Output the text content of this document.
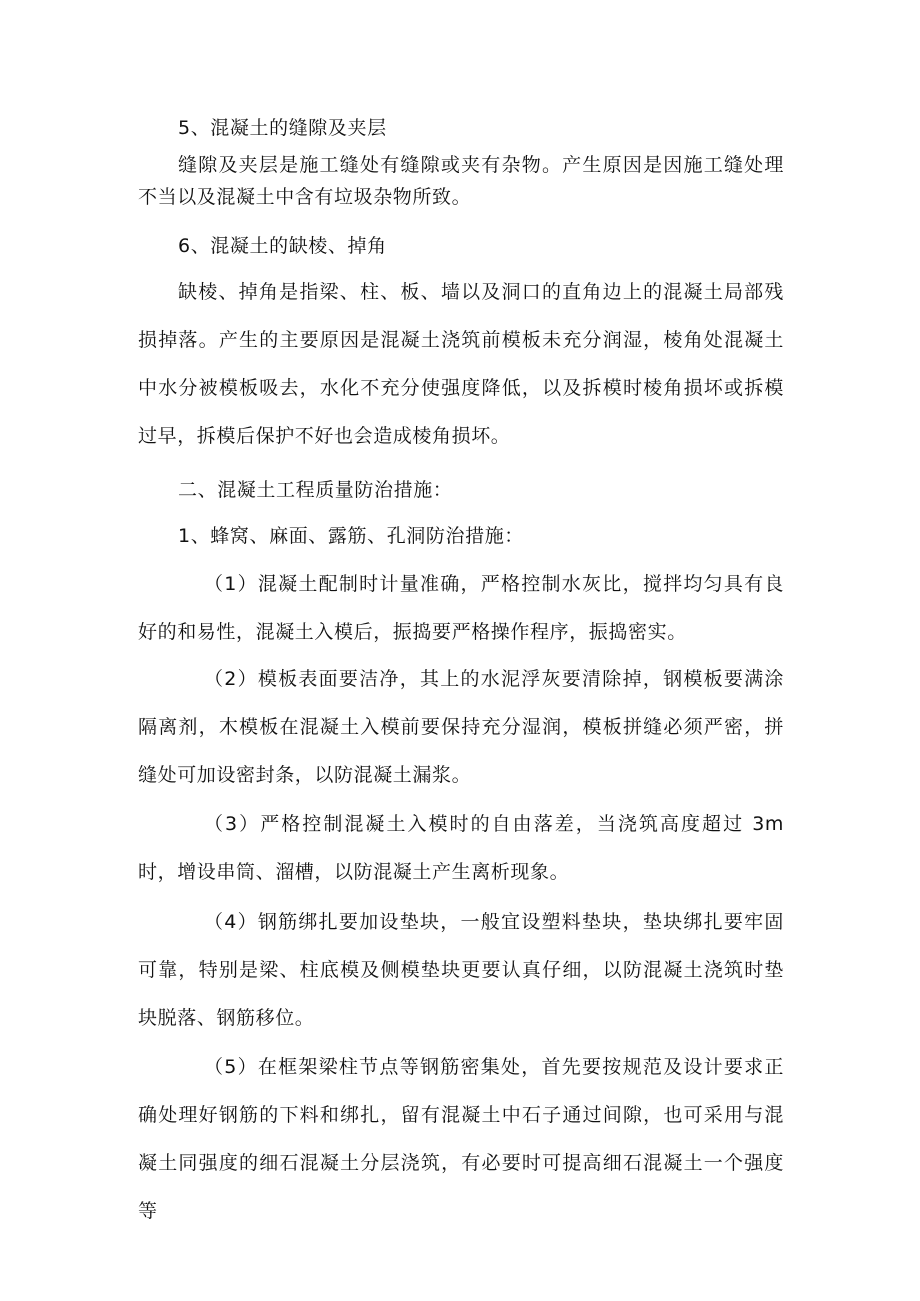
5、混凝土的缝隙及夹层

缝隙及夹层是施工缝处有缝隙或夹有杂物。产生原因是因施工缝处理不当以及混凝土中含有垃圾杂物所致。

6、混凝土的缺棱、掉角

缺棱、掉角是指梁、柱、板、墙以及洞口的直角边上的混凝土局部残损掉落。产生的主要原因是混凝土浇筑前模板未充分润湿，棱角处混凝土中水分被模板吸去，水化不充分使强度降低，以及拆模时棱角损坏或拆模过早，拆模后保护不好也会造成棱角损坏。

二、混凝土工程质量防治措施：

1、蜂窝、麻面、露筋、孔洞防治措施：

（1）混凝土配制时计量准确，严格控制水灰比，搅拌均匀具有良好的和易性，混凝土入模后，振捣要严格操作程序，振捣密实。

（2）模板表面要洁净，其上的水泥浮灰要清除掉，钢模板要满涂隔离剂，木模板在混凝土入模前要保持充分湿润，模板拼缝必须严密，拼缝处可加设密封条，以防混凝土漏浆。

（3）严格控制混凝土入模时的自由落差，当浇筑高度超过 3m 时，增设串筒、溜槽，以防混凝土产生离析现象。

（4）钢筋绑扎要加设垫块，一般宜设塑料垫块，垫块绑扎要牢固可靠，特别是梁、柱底模及侧模垫块更要认真仔细，以防混凝土浇筑时垫块脱落、钢筋移位。

（5）在框架梁柱节点等钢筋密集处，首先要按规范及设计要求正确处理好钢筋的下料和绑扎，留有混凝土中石子通过间隙，也可采用与混凝土同强度的细石混凝土分层浇筑，有必要时可提高细石混凝土一个强度等
